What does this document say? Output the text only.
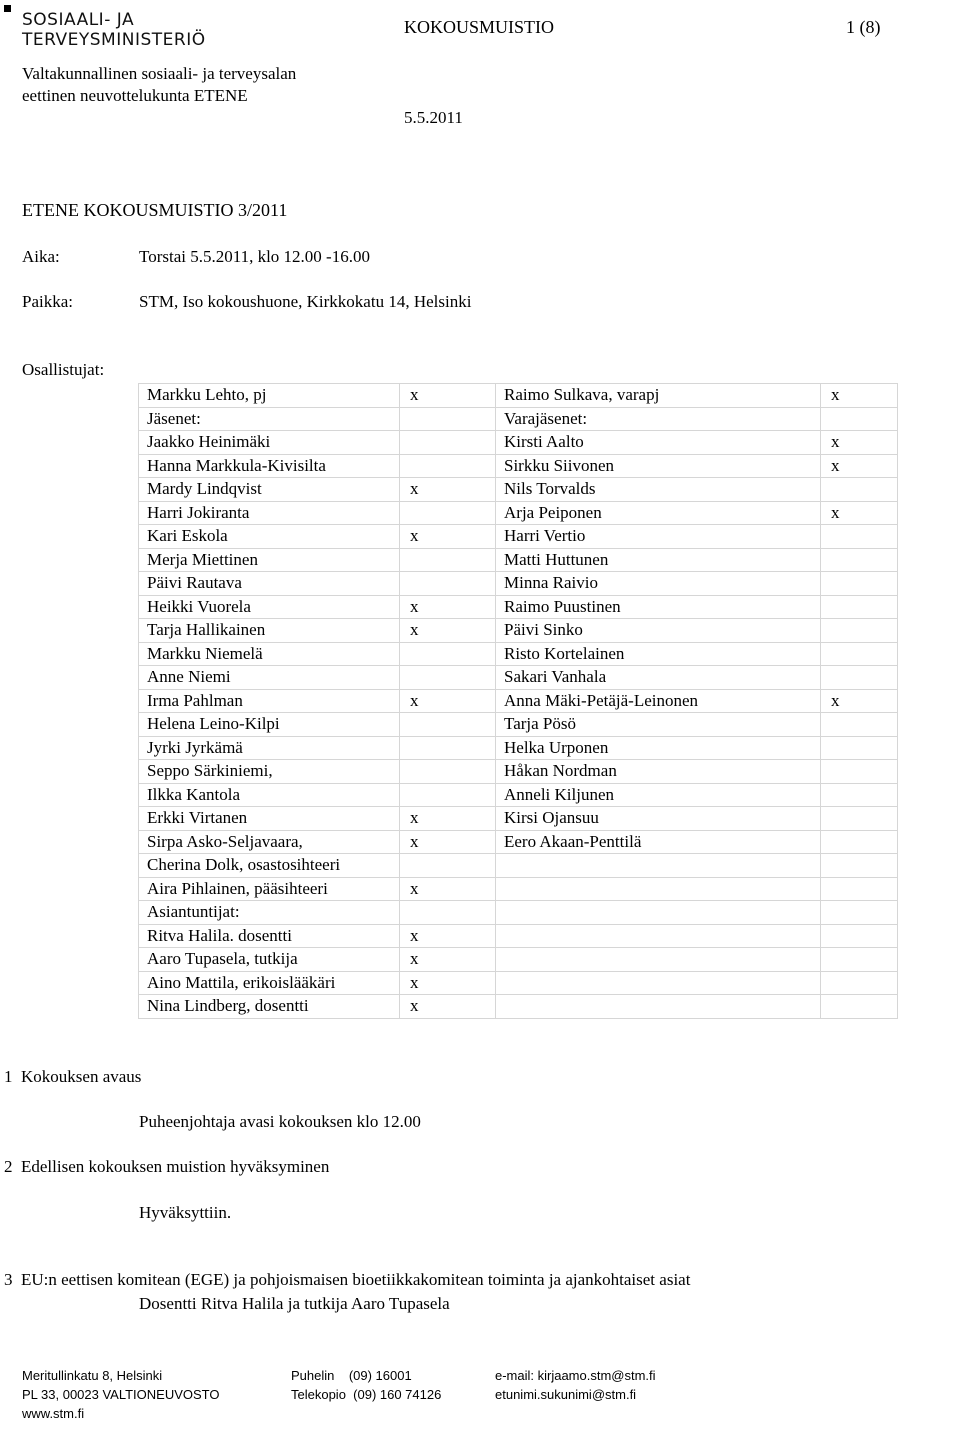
SOSIAALI- JA
TERVEYSMINISTERIÖ
KOKOUSMUISTIO	1 (8)
Valtakunnallinen sosiaali- ja terveysalan
eettinen neuvottelukunta ETENE
5.5.2011
ETENE KOKOUSMUISTIO 3/2011
Aika:	Torstai 5.5.2011, klo 12.00 -16.00
Paikka:	STM, Iso kokoushuone, Kirkkokatu 14, Helsinki
Osallistujat:
Markku Lehto, pj	x	Raimo Sulkava, varapj	x
Jäsenet:		Varajäsenet:	
Jaakko Heinimäki		Kirsti Aalto	x
Hanna Markkula-Kivisilta		Sirkku Siivonen	x
Mardy Lindqvist	x	Nils Torvalds	
Harri Jokiranta		Arja Peiponen	x
Kari Eskola	x	Harri Vertio	
Merja Miettinen		Matti Huttunen	
Päivi Rautava		Minna Raivio	
Heikki Vuorela	x	Raimo Puustinen	
Tarja Hallikainen	x	Päivi Sinko	
Markku Niemelä		Risto Kortelainen	
Anne Niemi		Sakari Vanhala	
Irma Pahlman	x	Anna Mäki-Petäjä-Leinonen	x
Helena Leino-Kilpi		Tarja Pösö	
Jyrki Jyrkämä		Helka Urponen	
Seppo Särkiniemi,		Håkan Nordman	
Ilkka Kantola		Anneli Kiljunen	
Erkki Virtanen	x	Kirsi Ojansuu	
Sirpa Asko-Seljavaara,	x	Eero Akaan-Penttilä	
Cherina Dolk, osastosihteeri			
Aira Pihlainen, pääsihteeri	x		
Asiantuntijat:			
Ritva Halila. dosentti	x		
Aaro Tupasela, tutkija	x		
Aino Mattila, erikoislääkäri	x		
Nina Lindberg, dosentti	x		
1 Kokouksen avaus
Puheenjohtaja avasi kokouksen klo 12.00
2 Edellisen kokouksen muistion hyväksyminen
Hyväksyttiin.
3 EU:n eettisen komitean (EGE) ja pohjoismaisen bioetiikkakomitean toiminta ja ajankohtaiset asiat
Dosentti Ritva Halila ja tutkija Aaro Tupasela
Meritullinkatu 8, Helsinki
PL 33, 00023 VALTIONEUVOSTO
www.stm.fi
Puhelin    (09) 16001
Telekopio  (09) 160 74126
e-mail: kirjaamo.stm@stm.fi
etunimi.sukunimi@stm.fi
